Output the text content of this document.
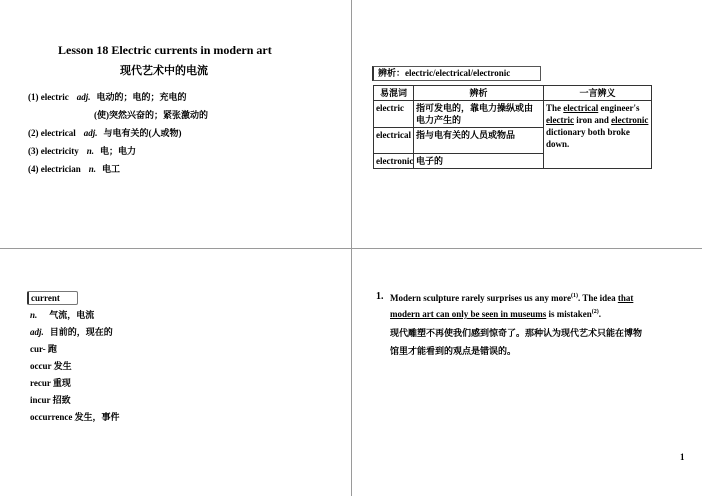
Lesson 18 Electric currents in modern art
现代艺术中的电流
(1) electric adj. 电动的；电的；充电的
(使)突然兴奋的；紧张激动的
(2) electrical adj. 与电有关的(人或物)
(3) electricity n. 电；电力
(4) electrician n. 电工
辨析：electric/electrical/electronic
易混词	辨析	一言辨义
electric	指可发电的，靠电力操纵或由电力产生的	The electrical engineer's electric iron and electronic dictionary both broke down.
electrical	指与电有关的人员或物品	
electronic	电子的	
current
n. 气流，电流
adj. 目前的，现在的
cur- 跑
occur 发生
recur 重现
incur 招致
occurrence 发生，事件
1. Modern sculpture rarely surprises us any more$^{(1)}$. The idea that
modern art can only be seen in museums is mistaken$^{(2)}$.
现代雕塑不再使我们感到惊奇了。那种认为现代艺术只能在博物
馆里才能看到的观点是错误的。
1
